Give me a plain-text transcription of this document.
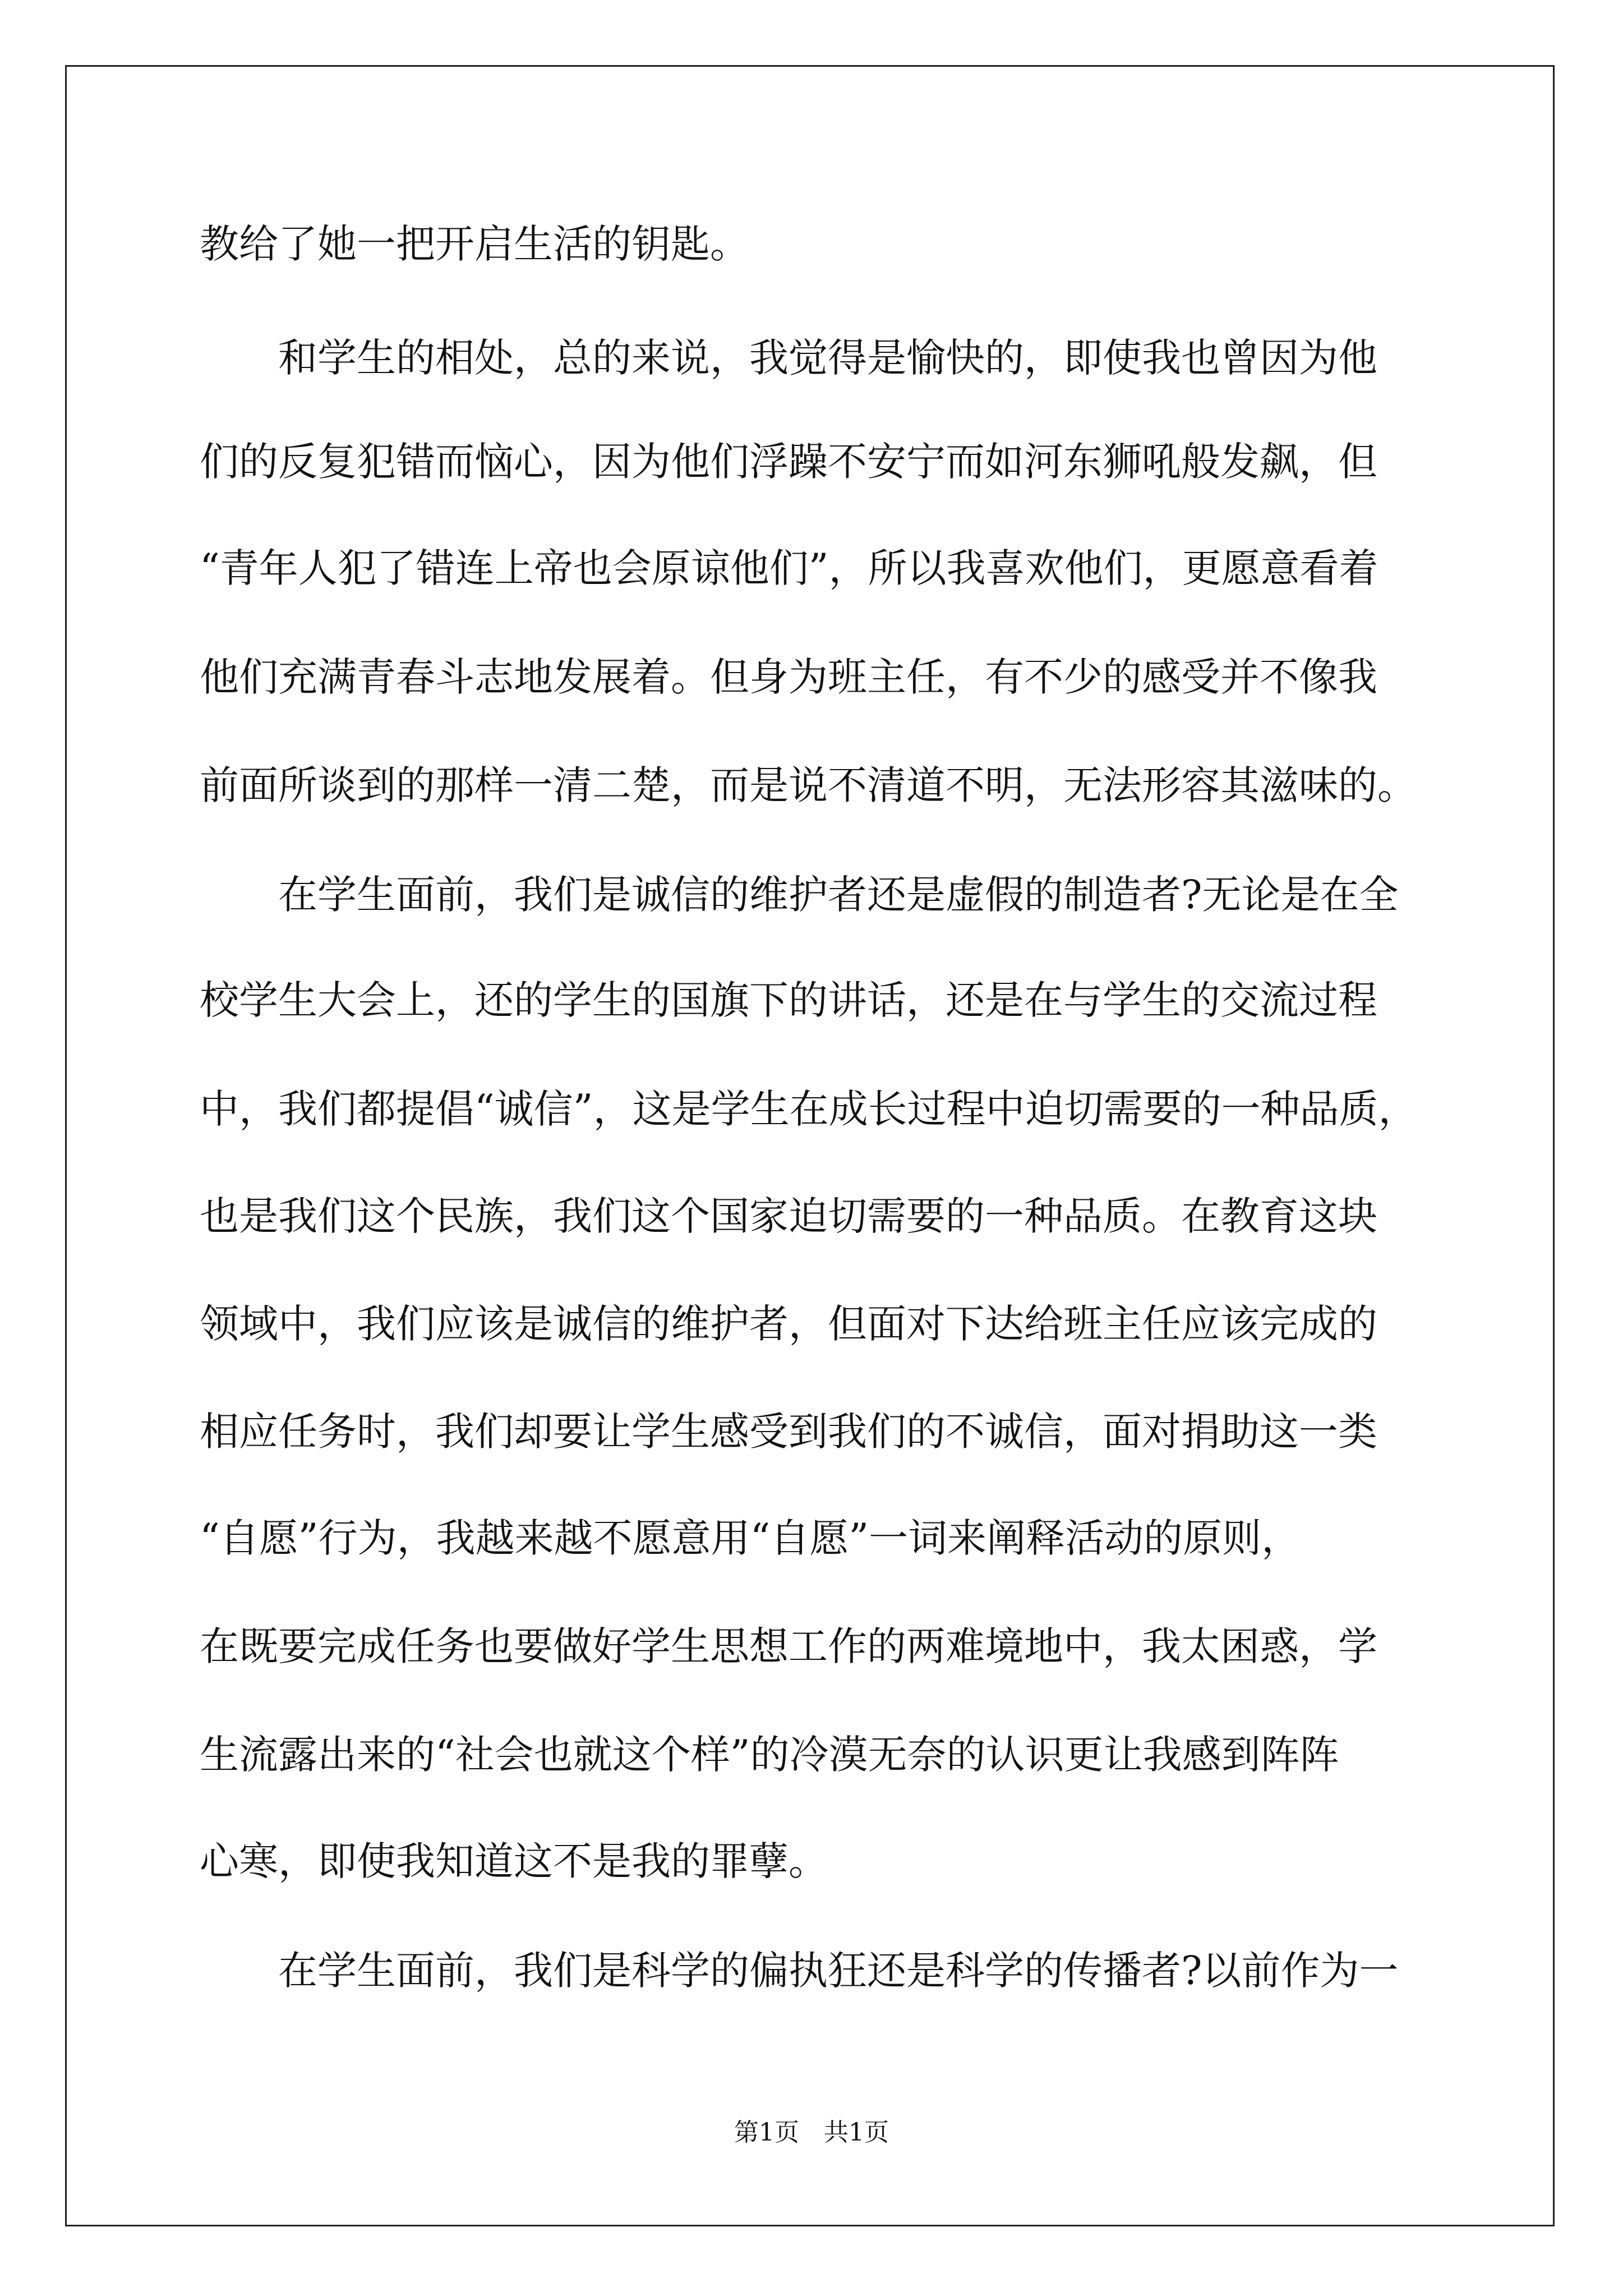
教给了她一把开启生活的钥匙。

和学生的相处，总的来说，我觉得是愉快的，即使我也曾因为他

们的反复犯错而恼心，因为他们浮躁不安宁而如河东狮吼般发飙，但

“青年人犯了错连上帝也会原谅他们”，所以我喜欢他们，更愿意看着

他们充满青春斗志地发展着。但身为班主任，有不少的感受并不像我

前面所谈到的那样一清二楚，而是说不清道不明，无法形容其滋味的。

在学生面前，我们是诚信的维护者还是虚假的制造者?无论是在全

校学生大会上，还的学生的国旗下的讲话，还是在与学生的交流过程

中，我们都提倡“诚信”，这是学生在成长过程中迫切需要的一种品质，

也是我们这个民族，我们这个国家迫切需要的一种品质。在教育这块

领域中，我们应该是诚信的维护者，但面对下达给班主任应该完成的

相应任务时，我们却要让学生感受到我们的不诚信，面对捐助这一类

“自愿”行为，我越来越不愿意用“自愿”一词来阐释活动的原则，

在既要完成任务也要做好学生思想工作的两难境地中，我太困惑，学

生流露出来的“社会也就这个样”的冷漠无奈的认识更让我感到阵阵

心寒，即使我知道这不是我的罪孽。

在学生面前，我们是科学的偏执狂还是科学的传播者?以前作为一

第1页　共1页
